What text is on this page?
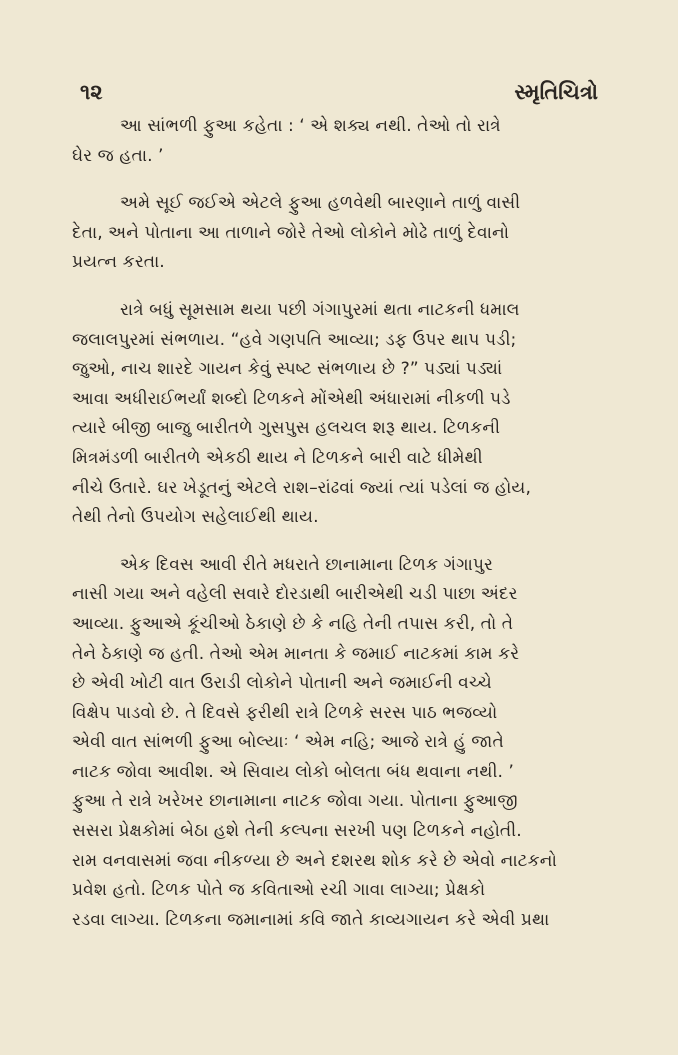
૧૨	સ્મૃતિચિત્રો

આ સાંભળી ફુઆ કહેતા : ‘ એ શક્ય નથી. તેઓ તો રાત્રે
ઘેર જ હતા. ’

અમે સૂઈ જઈએ એટલે ફુઆ હળવેથી બારણાને તાળું વાસી
દેતા, અને પોતાના આ તાળાને જોરે તેઓ લોકોને મોઢે તાળું દેવાનો
પ્રયત્ન કરતા.

રાત્રે બધું સૂમસામ થયા પછી ગંગાપુરમાં થતા નાટકની ધમાલ
જલાલપુરમાં સંભળાય. “હવે ગણપતિ આવ્યા; ડફ ઉપર થાપ પડી;
જુઓ, નાચ શારદે ગાયન કેવું સ્પષ્ટ સંભળાય છે ?” પડ્યાં પડ્યાં
આવા અધીરાઈભર્યાં શબ્દો ટિળકને મોંએથી અંધારામાં નીકળી પડે
ત્યારે બીજી બાજુ બારીતળે ગુસપુસ હલચલ શરૂ થાય. ટિળકની
મિત્રમંડળી બારીતળે એકઠી થાય ને ટિળકને બારી વાટે ધીમેથી
નીચે ઉતારે. ઘર ખેડૂતનું એટલે રાશ–રાંઢવાં જ્યાં ત્યાં પડેલાં જ હોય,
તેથી તેનો ઉપયોગ સહેલાઈથી થાય.

એક દિવસ આવી રીતે મધરાતે છાનામાના ટિળક ગંગાપુર
નાસી ગયા અને વહેલી સવારે દોરડાથી બારીએથી ચડી પાછા અંદર
આવ્યા. ફુઆએ કૂંચીઓ ઠેકાણે છે કે નહિ તેની તપાસ કરી, તો તે
તેને ઠેકાણે જ હતી. તેઓ એમ માનતા કે જમાઈ નાટકમાં કામ કરે
છે એવી ખોટી વાત ઉરાડી લોકોને પોતાની અને જમાઈની વચ્ચે
વિક્ષેપ પાડવો છે. તે દિવસે ફરીથી રાત્રે ટિળકે સરસ પાઠ ભજવ્યો
એવી વાત સાંભળી ફુઆ બોલ્યાઃ ‘ એમ નહિ; આજે રાત્રે હું જાતે
નાટક જોવા આવીશ. એ સિવાય લોકો બોલતા બંધ થવાના નથી. ’
ફુઆ તે રાત્રે ખરેખર છાનામાના નાટક જોવા ગયા. પોતાના ફુઆજી
સસરા પ્રેક્ષકોમાં બેઠા હશે તેની કલ્પના સરખી પણ ટિળકને નહોતી.
રામ વનવાસમાં જવા નીકળ્યા છે અને દશરથ શોક કરે છે એવો નાટકનો
પ્રવેશ હતો. ટિળક પોતે જ કવિતાઓ રચી ગાવા લાગ્યા; પ્રેક્ષકો
રડવા લાગ્યા. ટિળકના જમાનામાં કવિ જાતે કાવ્યગાયન કરે એવી પ્રથા
